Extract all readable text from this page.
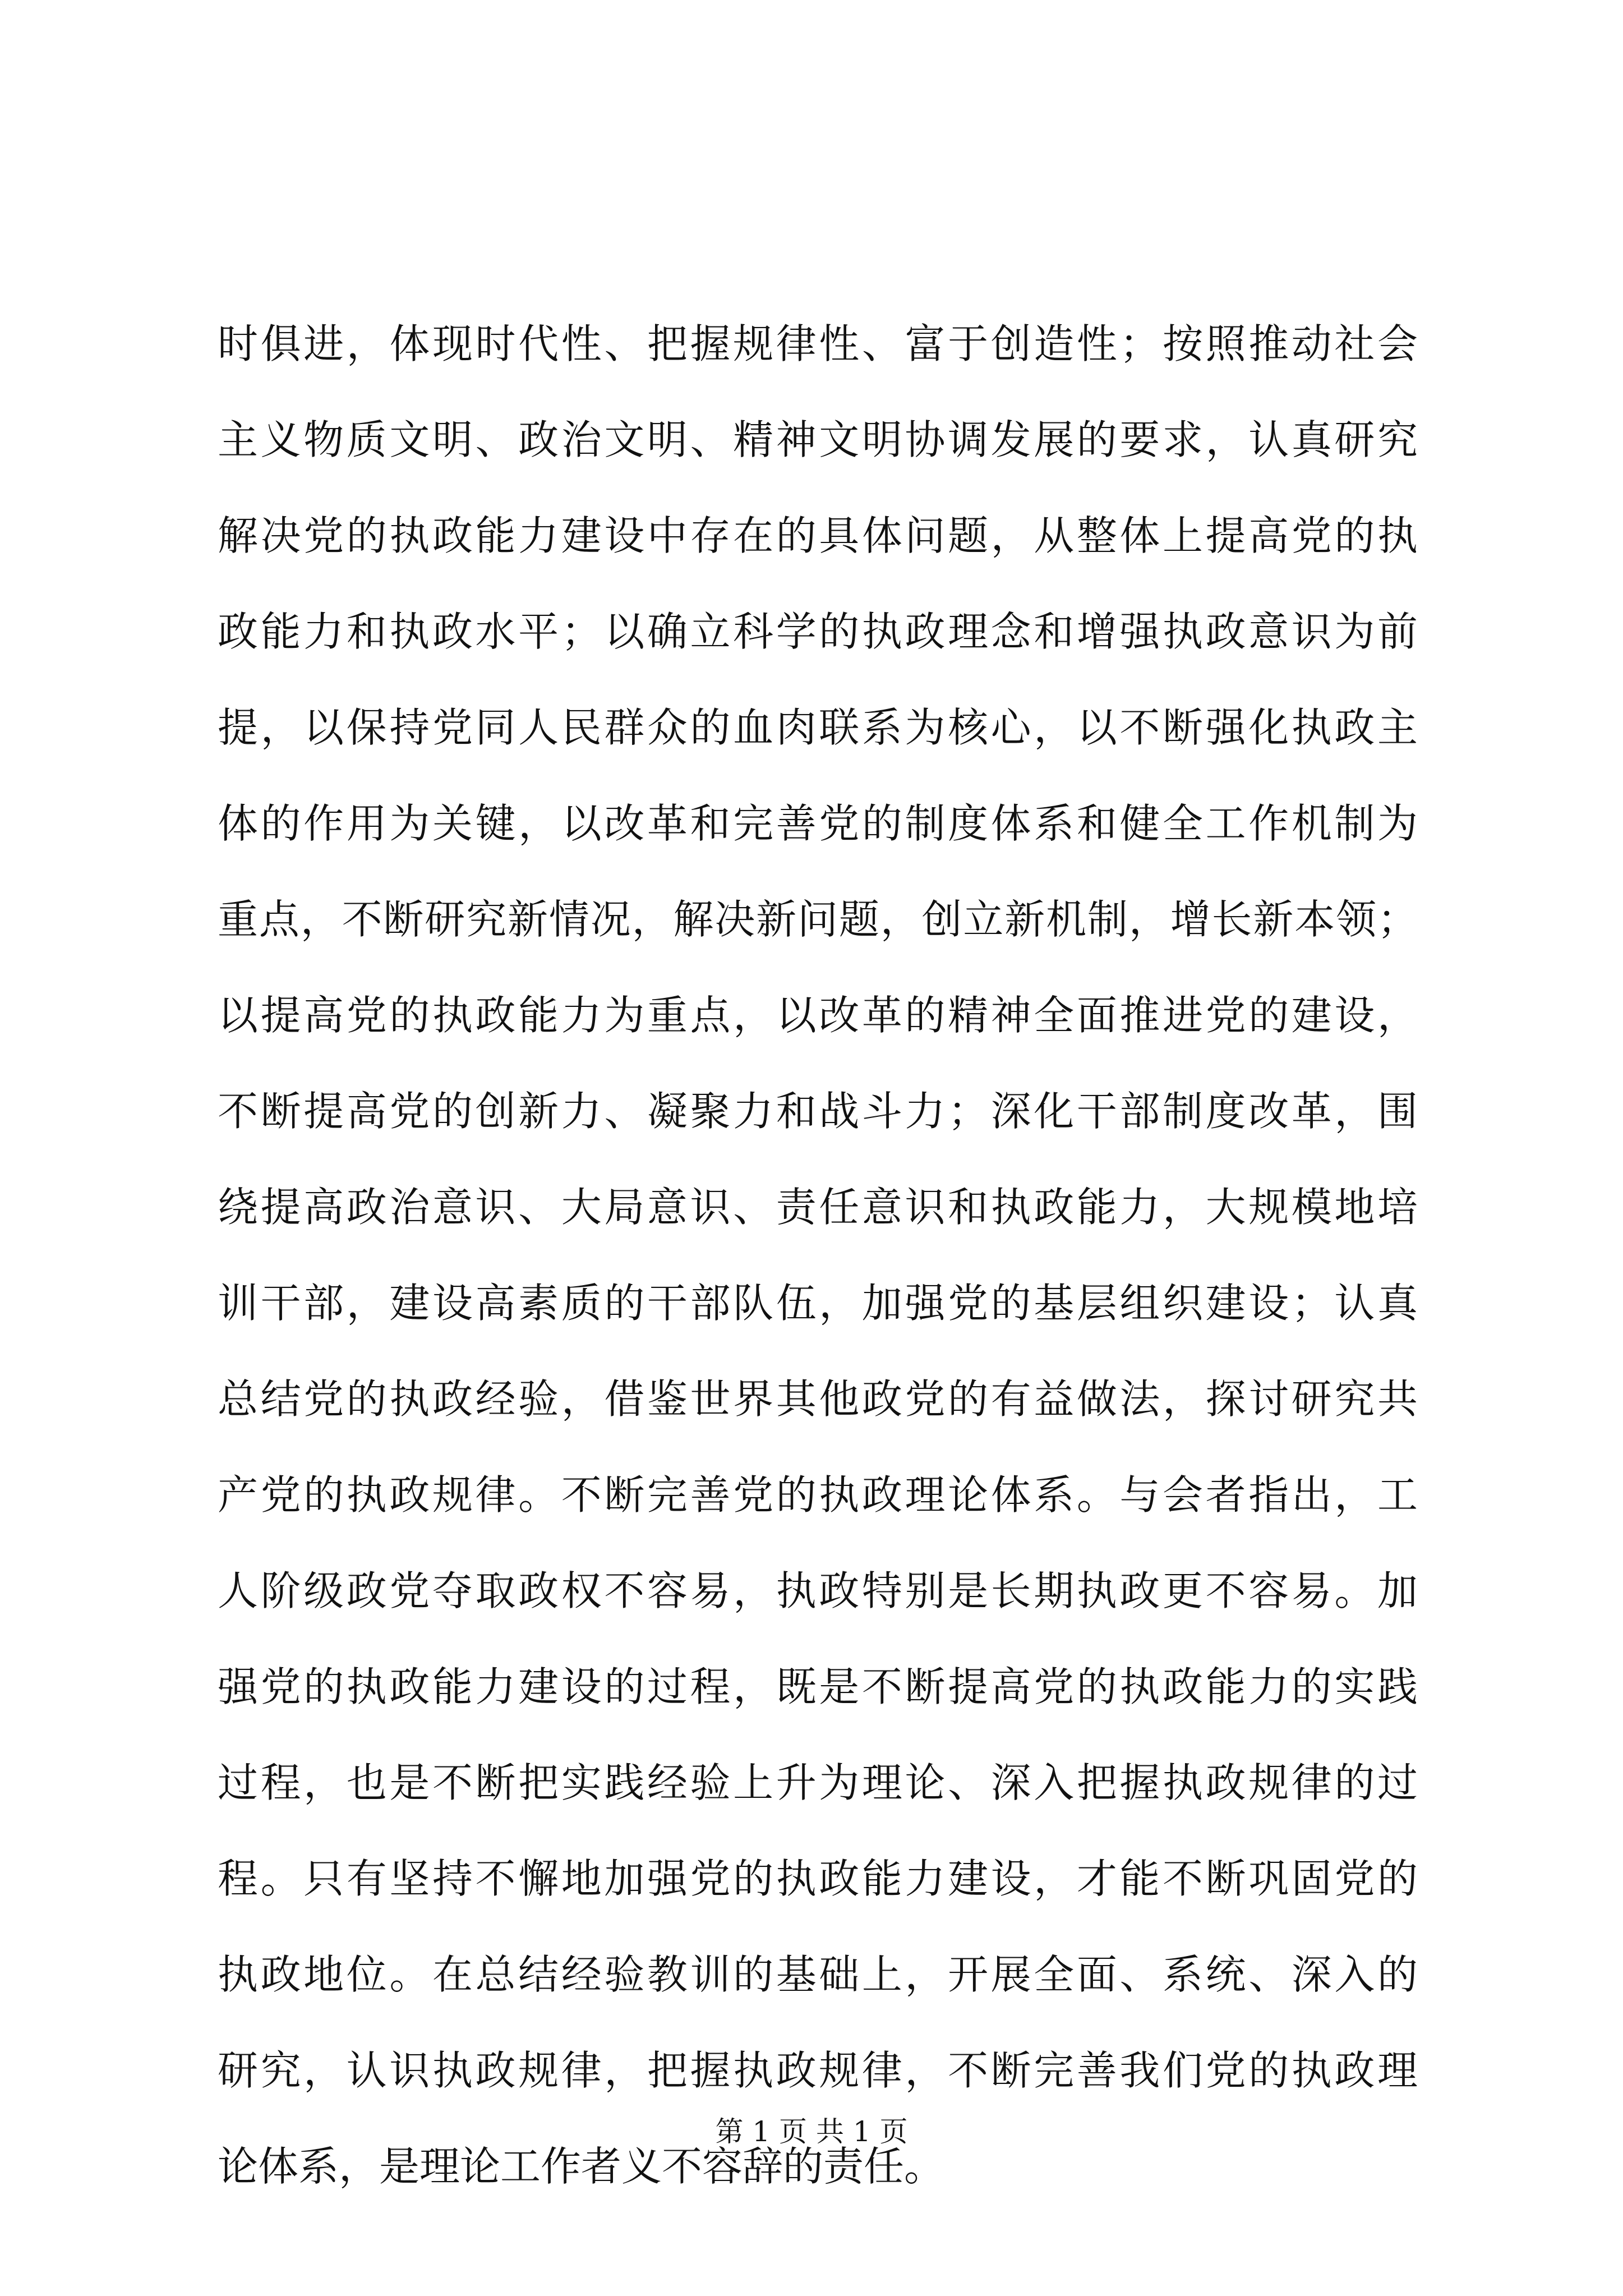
时俱进，体现时代性、把握规律性、富于创造性；按照推动社会
主义物质文明、政治文明、精神文明协调发展的要求，认真研究
解决党的执政能力建设中存在的具体问题，从整体上提高党的执
政能力和执政水平；以确立科学的执政理念和增强执政意识为前
提，以保持党同人民群众的血肉联系为核心，以不断强化执政主
体的作用为关键，以改革和完善党的制度体系和健全工作机制为
重点，不断研究新情况，解决新问题，创立新机制，增长新本领；
以提高党的执政能力为重点，以改革的精神全面推进党的建设，
不断提高党的创新力、凝聚力和战斗力；深化干部制度改革，围
绕提高政治意识、大局意识、责任意识和执政能力，大规模地培
训干部，建设高素质的干部队伍，加强党的基层组织建设；认真
总结党的执政经验，借鉴世界其他政党的有益做法，探讨研究共
产党的执政规律。不断完善党的执政理论体系。与会者指出，工
人阶级政党夺取政权不容易，执政特别是长期执政更不容易。加
强党的执政能力建设的过程，既是不断提高党的执政能力的实践
过程，也是不断把实践经验上升为理论、深入把握执政规律的过
程。只有坚持不懈地加强党的执政能力建设，才能不断巩固党的
执政地位。在总结经验教训的基础上，开展全面、系统、深入的
研究，认识执政规律，把握执政规律，不断完善我们党的执政理
论体系，是理论工作者义不容辞的责任。
第 1 页 共 1 页
